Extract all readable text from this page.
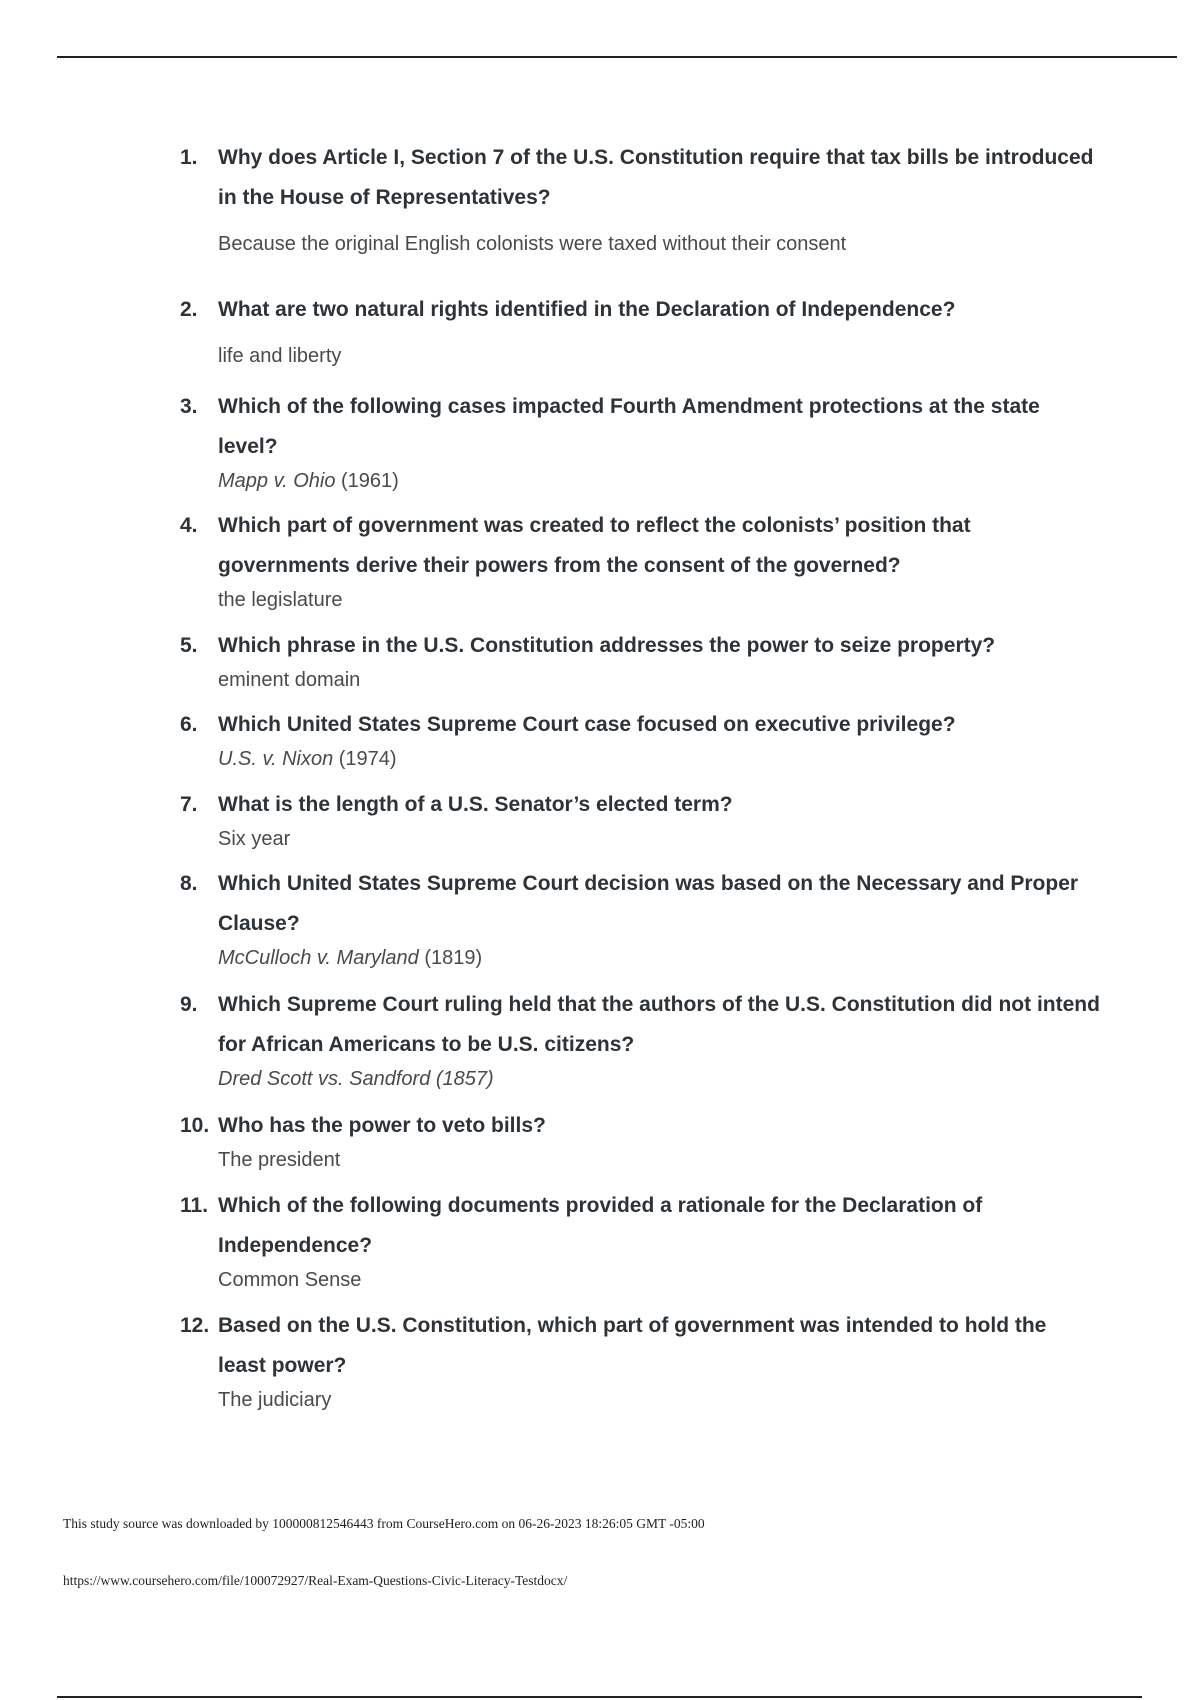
1. Why does Article I, Section 7 of the U.S. Constitution require that tax bills be introduced in the House of Representatives?

Because the original English colonists were taxed without their consent

2. What are two natural rights identified in the Declaration of Independence?

life and liberty

3. Which of the following cases impacted Fourth Amendment protections at the state level?

Mapp v. Ohio (1961)

4. Which part of government was created to reflect the colonists’ position that governments derive their powers from the consent of the governed?

the legislature

5. Which phrase in the U.S. Constitution addresses the power to seize property?

eminent domain

6. Which United States Supreme Court case focused on executive privilege?

U.S. v. Nixon (1974)

7. What is the length of a U.S. Senator’s elected term?

Six year

8. Which United States Supreme Court decision was based on the Necessary and Proper Clause?

McCulloch v. Maryland (1819)

9. Which Supreme Court ruling held that the authors of the U.S. Constitution did not intend for African Americans to be U.S. citizens?

Dred Scott vs. Sandford (1857)

10. Who has the power to veto bills?

The president

11. Which of the following documents provided a rationale for the Declaration of Independence?

Common Sense

12. Based on the U.S. Constitution, which part of government was intended to hold the least power?

The judiciary

This study source was downloaded by 100000812546443 from CourseHero.com on 06-26-2023 18:26:05 GMT -05:00
https://www.coursehero.com/file/100072927/Real-Exam-Questions-Civic-Literacy-Testdocx/
